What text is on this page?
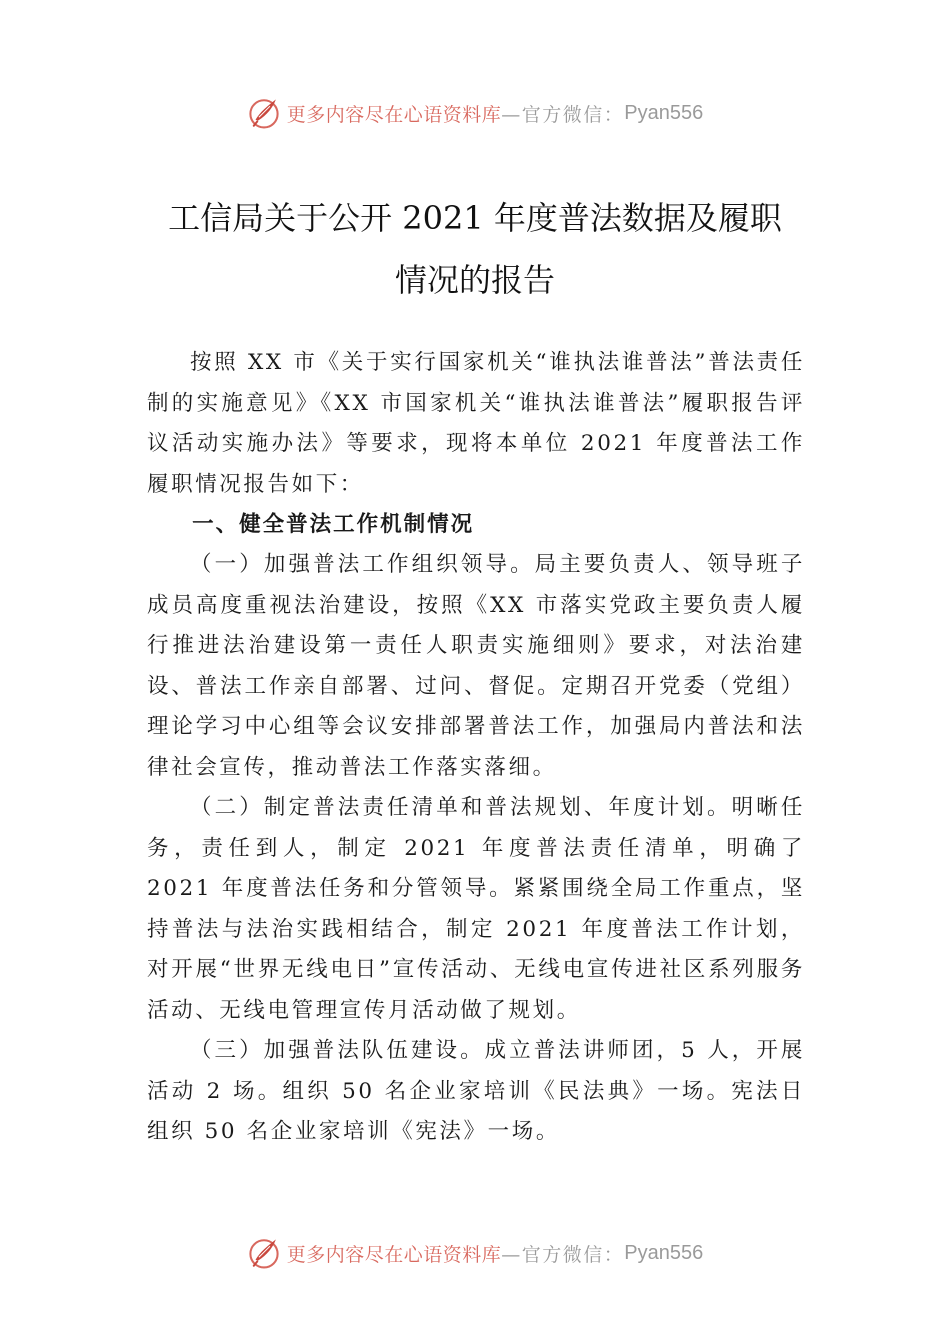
更多内容尽在心语资料库 —官方微信： Pyan556
工信局关于公开 2021 年度普法数据及履职
情况的报告

按照 XX 市《关于实行国家机关“谁执法谁普法”普法责任制的实施意见》《XX 市国家机关“谁执法谁普法”履职报告评议活动实施办法》等要求，现将本单位 2021 年度普法工作履职情况报告如下：

一、健全普法工作机制情况

（一）加强普法工作组织领导。局主要负责人、领导班子成员高度重视法治建设，按照《XX 市落实党政主要负责人履行推进法治建设第一责任人职责实施细则》要求，对法治建设、普法工作亲自部署、过问、督促。定期召开党委（党组）理论学习中心组等会议安排部署普法工作，加强局内普法和法律社会宣传，推动普法工作落实落细。

（二）制定普法责任清单和普法规划、年度计划。明晰任务，责任到人，制定 2021 年度普法责任清单，明确了 2021 年度普法任务和分管领导。紧紧围绕全局工作重点，坚持普法与法治实践相结合，制定 2021 年度普法工作计划，对开展“世界无线电日”宣传活动、无线电宣传进社区系列服务活动、无线电管理宣传月活动做了规划。

（三）加强普法队伍建设。成立普法讲师团，5 人，开展活动 2 场。组织 50 名企业家培训《民法典》一场。宪法日组织 50 名企业家培训《宪法》一场。

更多内容尽在心语资料库 —官方微信： Pyan556
